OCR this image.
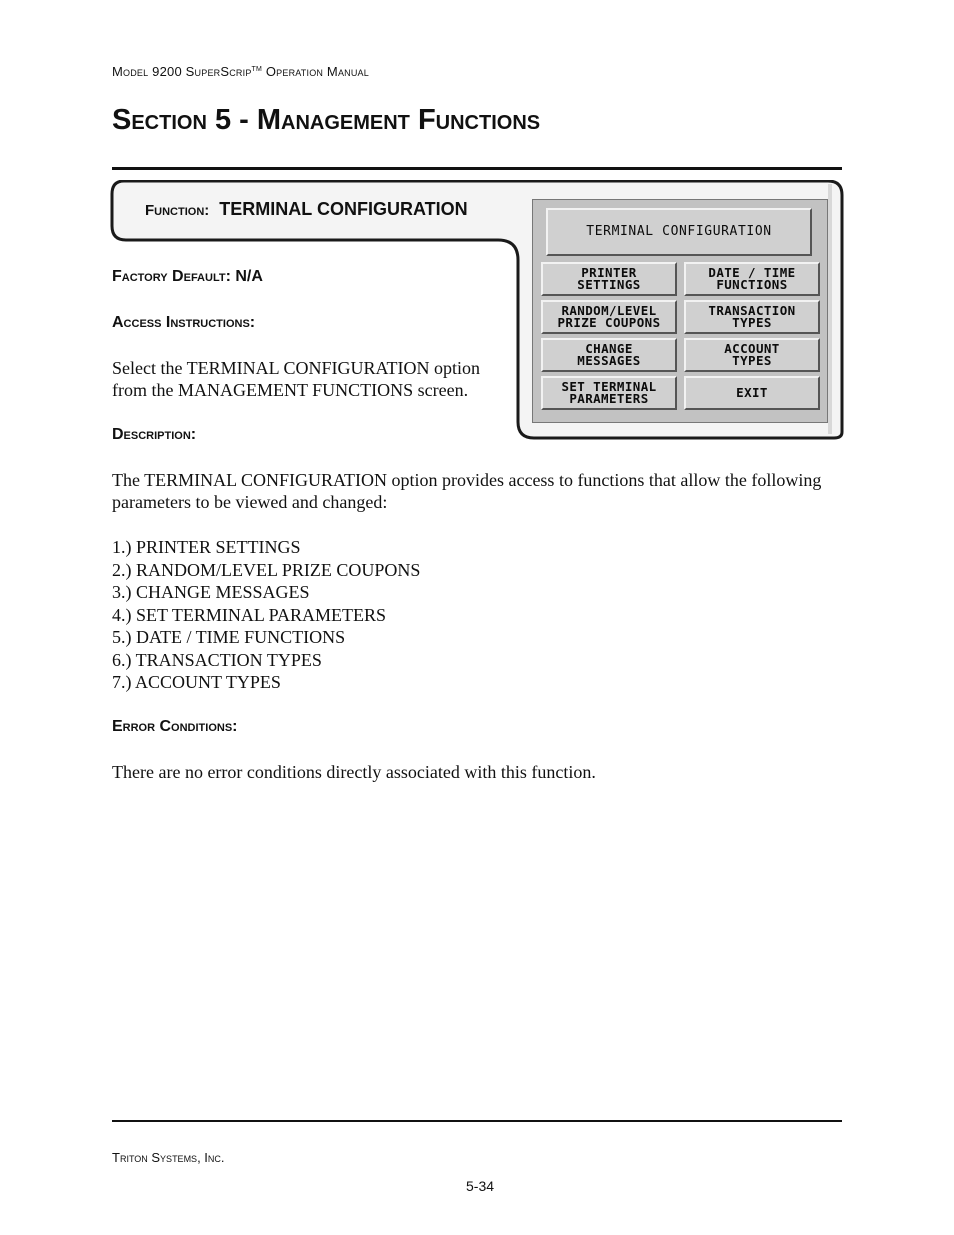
Model 9200 SuperScrip™ Operation Manual
Section 5 - Management Functions
Function: TERMINAL CONFIGURATION
TERMINAL CONFIGURATION
PRINTER
SETTINGS
DATE / TIME
FUNCTIONS
RANDOM/LEVEL
PRIZE COUPONS
TRANSACTION
TYPES
CHANGE
MESSAGES
ACCOUNT
TYPES
SET TERMINAL
PARAMETERS	EXIT
Factory Default: N/A
Access Instructions:

Select the TERMINAL CONFIGURATION option from the MANAGEMENT FUNCTIONS screen.

Description:

The TERMINAL CONFIGURATION option provides access to functions that allow the following parameters to be viewed and changed:

1.) PRINTER SETTINGS
2.) RANDOM/LEVEL PRIZE COUPONS
3.) CHANGE MESSAGES
4.) SET TERMINAL PARAMETERS
5.) DATE / TIME FUNCTIONS
6.) TRANSACTION TYPES
7.) ACCOUNT TYPES
Error Conditions:

There are no error conditions directly associated with this function.

Triton Systems, Inc.
5-34
